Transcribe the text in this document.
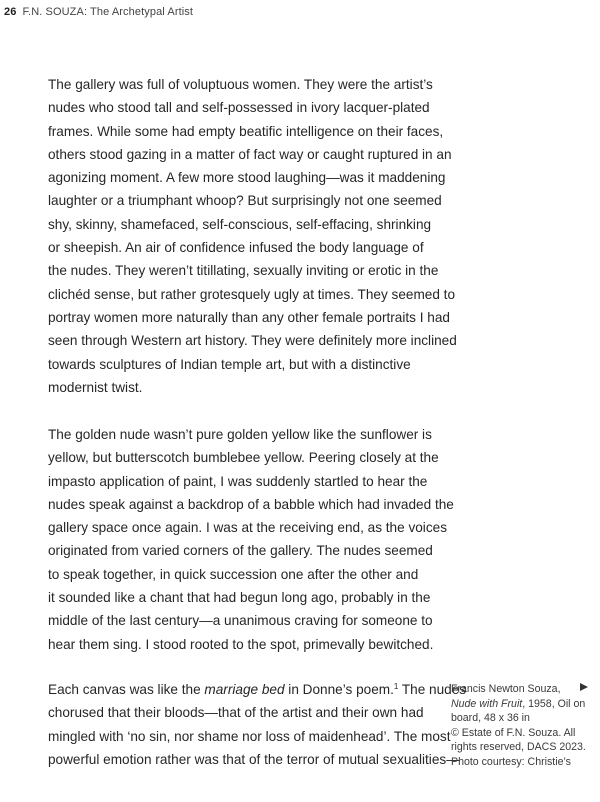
26 F.N. SOUZA: The Archetypal Artist
The gallery was full of voluptuous women. They were the artist’s
nudes who stood tall and self-possessed in ivory lacquer-plated
frames. While some had empty beatific intelligence on their faces,
others stood gazing in a matter of fact way or caught ruptured in an
agonizing moment. A few more stood laughing—was it maddening
laughter or a triumphant whoop? But surprisingly not one seemed
shy, skinny, shamefaced, self-conscious, self-effacing, shrinking
or sheepish. An air of confidence infused the body language of
the nudes. They weren’t titillating, sexually inviting or erotic in the
clichéd sense, but rather grotesquely ugly at times. They seemed to
portray women more naturally than any other female portraits I had
seen through Western art history. They were definitely more inclined
towards sculptures of Indian temple art, but with a distinctive
modernist twist.
The golden nude wasn’t pure golden yellow like the sunflower is
yellow, but butterscotch bumblebee yellow. Peering closely at the
impasto application of paint, I was suddenly startled to hear the
nudes speak against a backdrop of a babble which had invaded the
gallery space once again. I was at the receiving end, as the voices
originated from varied corners of the gallery. The nudes seemed
to speak together, in quick succession one after the other and
it sounded like a chant that had begun long ago, probably in the
middle of the last century—a unanimous craving for someone to
hear them sing. I stood rooted to the spot, primevally bewitched.
Each canvas was like the marriage bed in Donne’s poem.$^1$ The nudes
chorused that their bloods—that of the artist and their own had
mingled with ‘no sin, nor shame nor loss of maidenhead’. The most
powerful emotion rather was that of the terror of mutual sexualities—
Francis Newton Souza,
Nude with Fruit, 1958, Oil on
board, 48 x 36 in
© Estate of F.N. Souza. All
rights reserved, DACS 2023.
Photo courtesy: Christie’s
